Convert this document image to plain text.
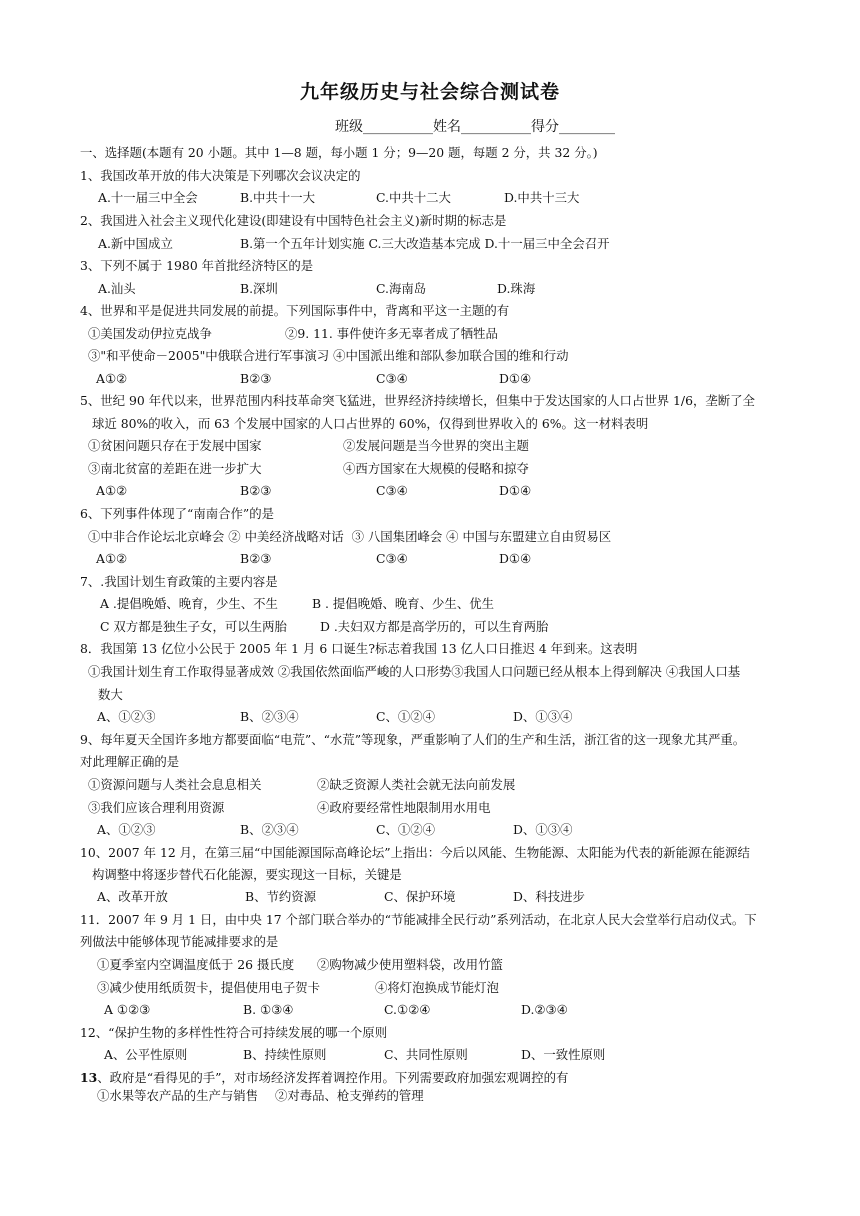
九年级历史与社会综合测试卷
班级__________姓名__________得分________
一、选择题(本题有 20 小题。其中 1—8 题，每小题 1 分；9—20 题，每题 2 分，共 32 分。)
1、我国改革开放的伟大决策是下列哪次会议决定的
A.十一届三中全会	B.中共十一大	C.中共十二大	D.中共十三大
2、我国进入社会主义现代化建设(即建设有中国特色社会主义)新时期的标志是
A.新中国成立	B.第一个五年计划实施 C.三大改造基本完成 D.十一届三中全会召开
3、下列不属于 1980 年首批经济特区的是
A.汕头	B.深圳	C.海南岛	D.珠海
4、世界和平是促进共同发展的前提。下列国际事件中，背离和平这一主题的有
①美国发动伊拉克战争	②9. 11. 事件使许多无辜者成了牺牲品
③"和平使命－2005"中俄联合进行军事演习 ④中国派出维和部队参加联合国的维和行动
A①②	B②③	C③④	D①④
5、世纪 90 年代以来，世界范围内科技革命突飞猛进，世界经济持续增长，但集中于发达国家的人口占世界 1/6，垄断了全
球近 80%的收入，而 63 个发展中国家的人口占世界的 60%，仅得到世界收入的 6%。这一材料表明
①贫困问题只存在于发展中国家	②发展问题是当今世界的突出主题
③南北贫富的差距在进一步扩大	④西方国家在大规模的侵略和掠夺
A①②	B②③	C③④	D①④
6、下列事件体现了“南南合作”的是
①中非合作论坛北京峰会 ② 中美经济战略对话  ③ 八国集团峰会 ④ 中国与东盟建立自由贸易区
A①②	B②③	C③④	D①④
7、.我国计划生育政策的主要内容是
A .提倡晚婚、晚育，少生、不生	B . 提倡晚婚、晚育、少生、优生
C 双方都是独生子女，可以生两胎	D .夫妇双方都是高学历的，可以生育两胎
8．我国第 13 亿位小公民于 2005 年 1 月 6 口诞生?标志着我国 13 亿人口日推迟 4 年到来。这表明
①我国计划生育工作取得显著成效 ②我国依然面临严峻的人口形势③我国人口问题已经从根本上得到解决 ④我国人口基
数大
A、①②③	B、②③④	C、①②④	D、①③④
9、每年夏天全国许多地方都要面临“电荒”、“水荒”等现象，严重影响了人们的生产和生活，浙江省的这一现象尤其严重。
对此理解正确的是
①资源问题与人类社会息息相关	②缺乏资源人类社会就无法向前发展
③我们应该合理利用资源	④政府要经常性地限制用水用电
A、①②③	B、②③④	C、①②④	D、①③④
10、2007 年 12 月，在第三届“中国能源国际高峰论坛”上指出：今后以风能、生物能源、太阳能为代表的新能源在能源结
构调整中将逐步替代石化能源，要实现这一目标，关键是
A、改革开放	B、节约资源	C、保护环境	D、科技进步
11．2007 年 9 月 1 日，由中央 17 个部门联合举办的“节能减排全民行动”系列活动，在北京人民大会堂举行启动仪式。下
列做法中能够体现节能减排要求的是
①夏季室内空调温度低于 26 摄氏度 ②购物减少使用塑料袋，改用竹篮
③减少使用纸质贺卡，提倡使用电子贺卡	④将灯泡换成节能灯泡
A ①②③	B. ①③④	C.①②④	D.②③④
12、“保护生物的多样性性符合可持续发展的哪一个原则
A、公平性原则	B、持续性原则	C、共同性原则	D、一致性原则
13、政府是“看得见的手”，对市场经济发挥着调控作用。下列需要政府加强宏观调控的有
①水果等农产品的生产与销售 ②对毒品、枪支弹药的管理
